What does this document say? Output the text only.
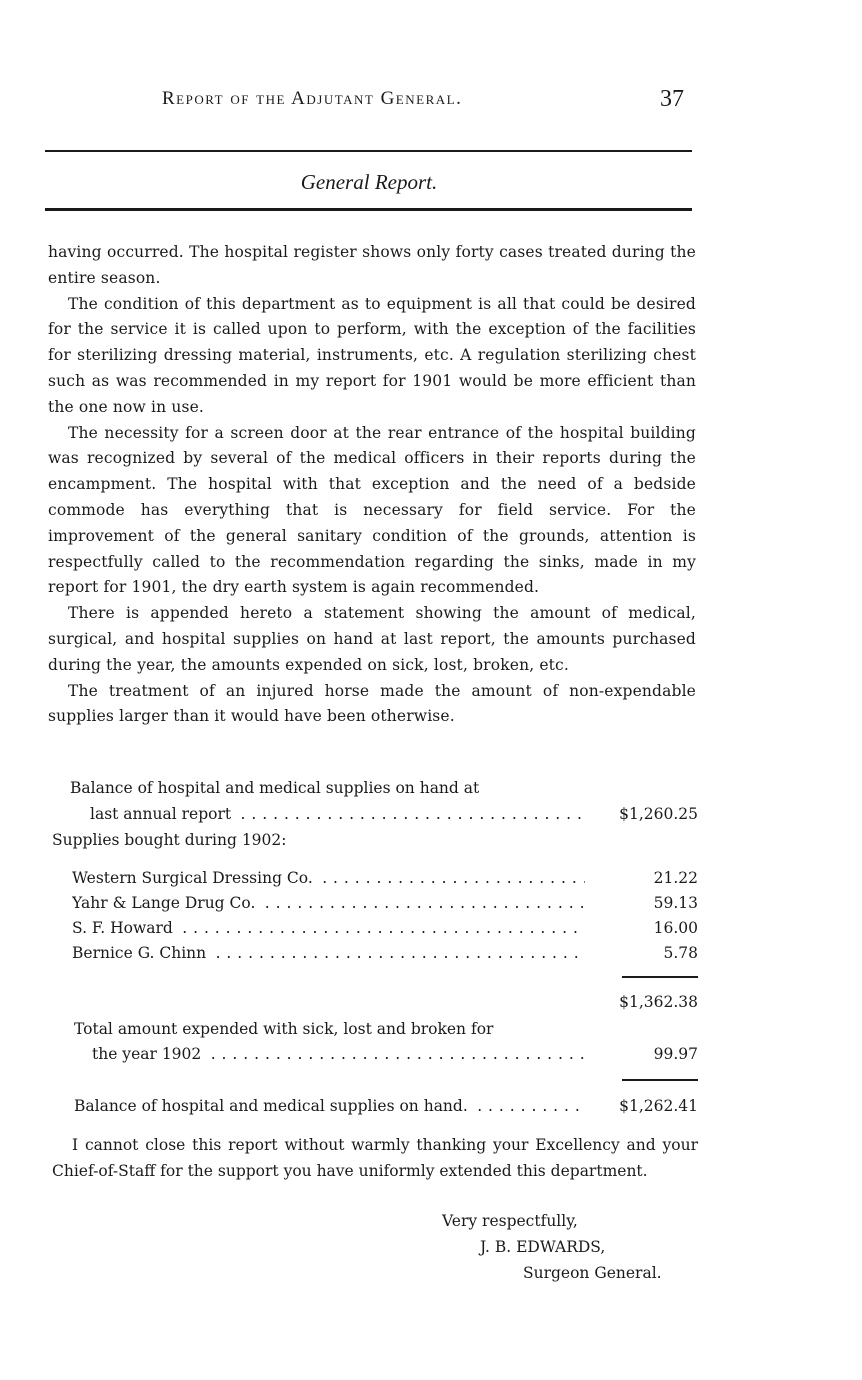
Report of the Adjutant General.	37
General Report.

having occurred. The hospital register shows only forty cases treated during the entire season.

The condition of this department as to equipment is all that could be desired for the service it is called upon to perform, with the exception of the facilities for sterilizing dressing material, instruments, etc. A regulation sterilizing chest such as was recommended in my report for 1901 would be more efficient than the one now in use.

The necessity for a screen door at the rear entrance of the hospital building was recognized by several of the medical officers in their reports during the encampment. The hospital with that exception and the need of a bedside commode has everything that is necessary for field service. For the improvement of the general sanitary condition of the grounds, attention is respectfully called to the recommendation regarding the sinks, made in my report for 1901, the dry earth system is again recommended.

There is appended hereto a statement showing the amount of medical, surgical, and hospital supplies on hand at last report, the amounts purchased during the year, the amounts expended on sick, lost, broken, etc.

The treatment of an injured horse made the amount of non-expendable supplies larger than it would have been otherwise.

Balance of hospital and medical supplies on hand at
last annual report . . .	$1,260.25
Supplies bought during 1902:
Western Surgical Dressing Co. . . .	21.22
Yahr & Lange Drug Co. . . .	59.13
S. F. Howard . . .	16.00
Bernice G. Chinn . . .	5.78
$1,362.38
Total amount expended with sick, lost and broken for
the year 1902 . . .	99.97
Balance of hospital and medical supplies on hand. . . .	$1,262.41

I cannot close this report without warmly thanking your Excellency and your Chief-of-Staff for the support you have uniformly extended this department.

Very respectfully,
J. B. EDWARDS,
Surgeon General.
